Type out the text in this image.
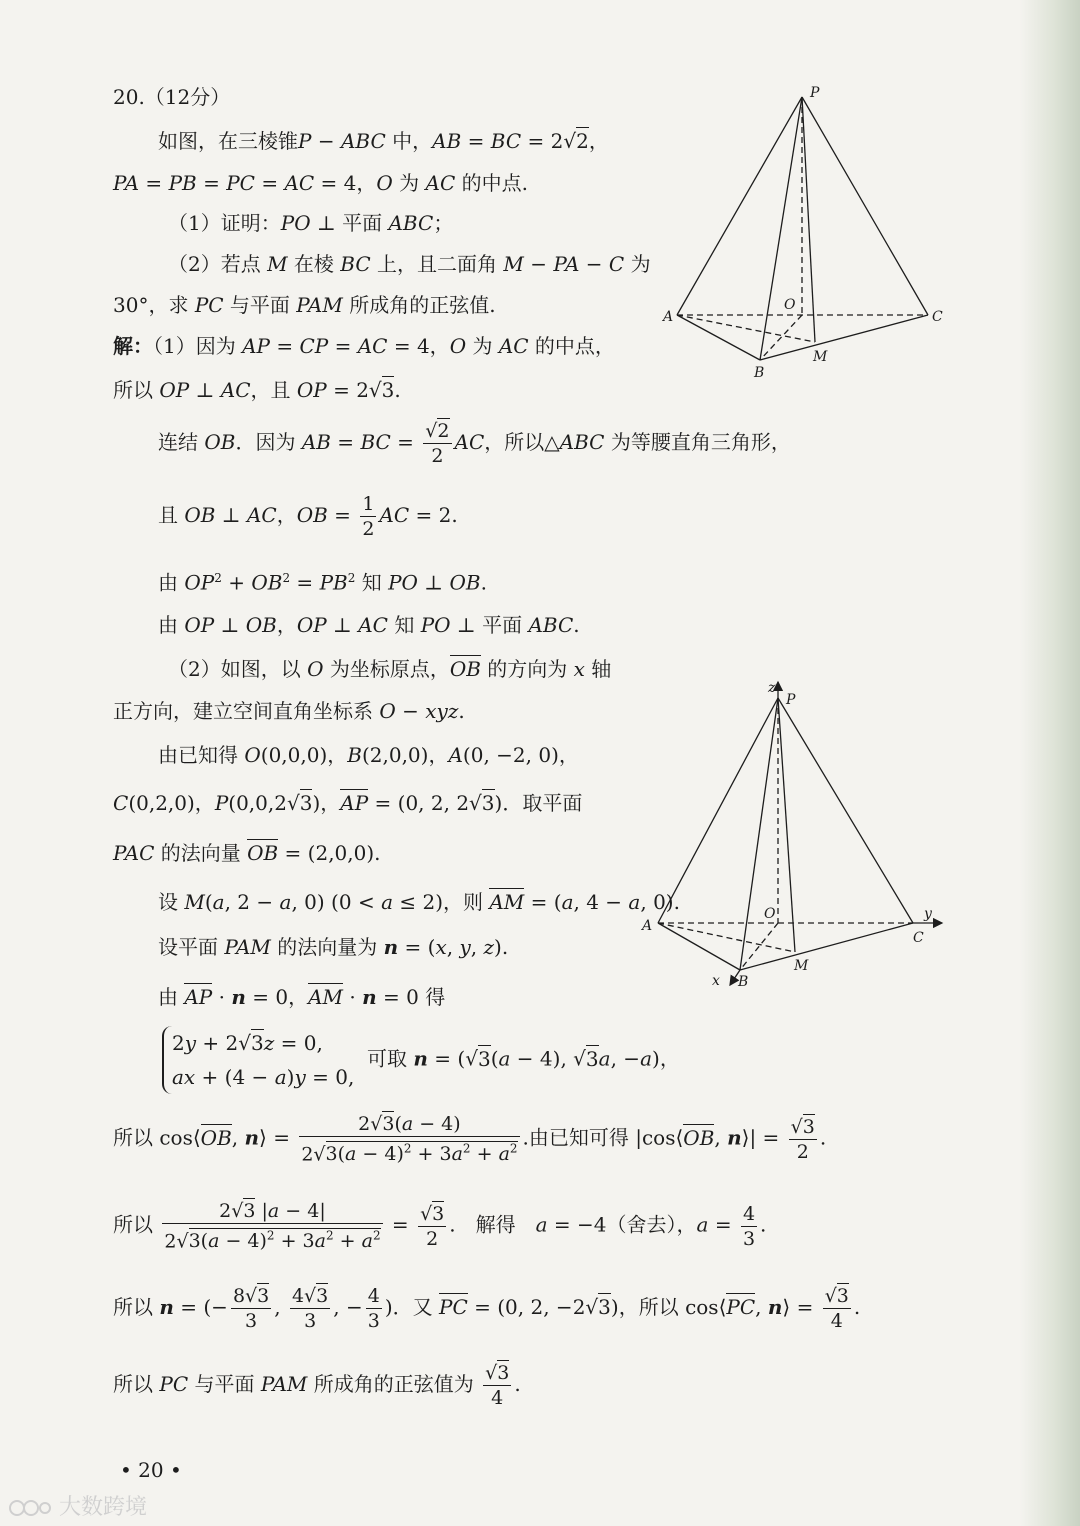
20.（12分）
如图，在三棱锥P − ABC 中，AB = BC = 2√2，
PA = PB = PC = AC = 4，O 为 AC 的中点.
（1）证明：PO ⊥ 平面 ABC；
（2）若点 M 在棱 BC 上，且二面角 M − PA − C 为
30°，求 PC 与平面 PAM 所成角的正弦值.
解：（1）因为 AP = CP = AC = 4，O 为 AC 的中点，
所以 OP ⊥ AC，且 OP = 2√3.
连结 OB．因为 AB = BC = $\frac{√2}{2}$ AC，所以△ABC 为等腰直角三角形，
且 OB ⊥ AC，OB = $\frac{1}{2}$ AC = 2.
由 $OP^2 + OB^2 = PB^2$ 知 PO ⊥ OB.
由 OP ⊥ OB，OP ⊥ AC 知 PO ⊥ 平面 ABC.
（2）如图，以 O 为坐标原点，OB 的方向为 x 轴
正方向，建立空间直角坐标系 O − xyz.
由已知得 O(0,0,0)，B(2,0,0)，A(0, −2, 0)，
C(0,2,0)，P(0,0,2√3)，AP = (0, 2, 2√3)．取平面
PAC 的法向量 OB = (2,0,0).
设 M(a, 2 − a, 0) (0 < a ≤ 2)，则 AM = (a, 4 − a, 0).
设平面 PAM 的法向量为 n = (x, y, z).
由 AP · n = 0，AM · n = 0 得
2y + 2√3z = 0,
ax + (4 − a)y = 0,
可取 n = (√3(a − 4), √3a, −a)，
所以 cos⟨OB, n⟩ = $\frac{2√3(a - 4)}{2√3(a - 4)^2 + 3a^2 + a^2}$ .由已知可得 |cos⟨OB, n⟩| = $\frac{√3}{2}$ .
所以 $\frac{2√3 |a - 4|}{2√3(a - 4)^2 + 3a^2 + a^2} = \frac{√3}{2}$ .　解得　a = −4（舍去），$a = \frac{4}{3}$ .
所以 n = (− $\frac{8√3}{3}$ , $\frac{4√3}{3}$ , − $\frac{4}{3}$ )．又 PC = (0, 2, −2√3)，所以 cos⟨PC, n⟩ = $\frac{√3}{4}$ .
所以 PC 与平面 PAM 所成角的正弦值为 $\frac{√3}{4}$ .
P
O
A	C
B
M
z
P
O	y
A
C
x B
M
• 20 •
大数跨境
